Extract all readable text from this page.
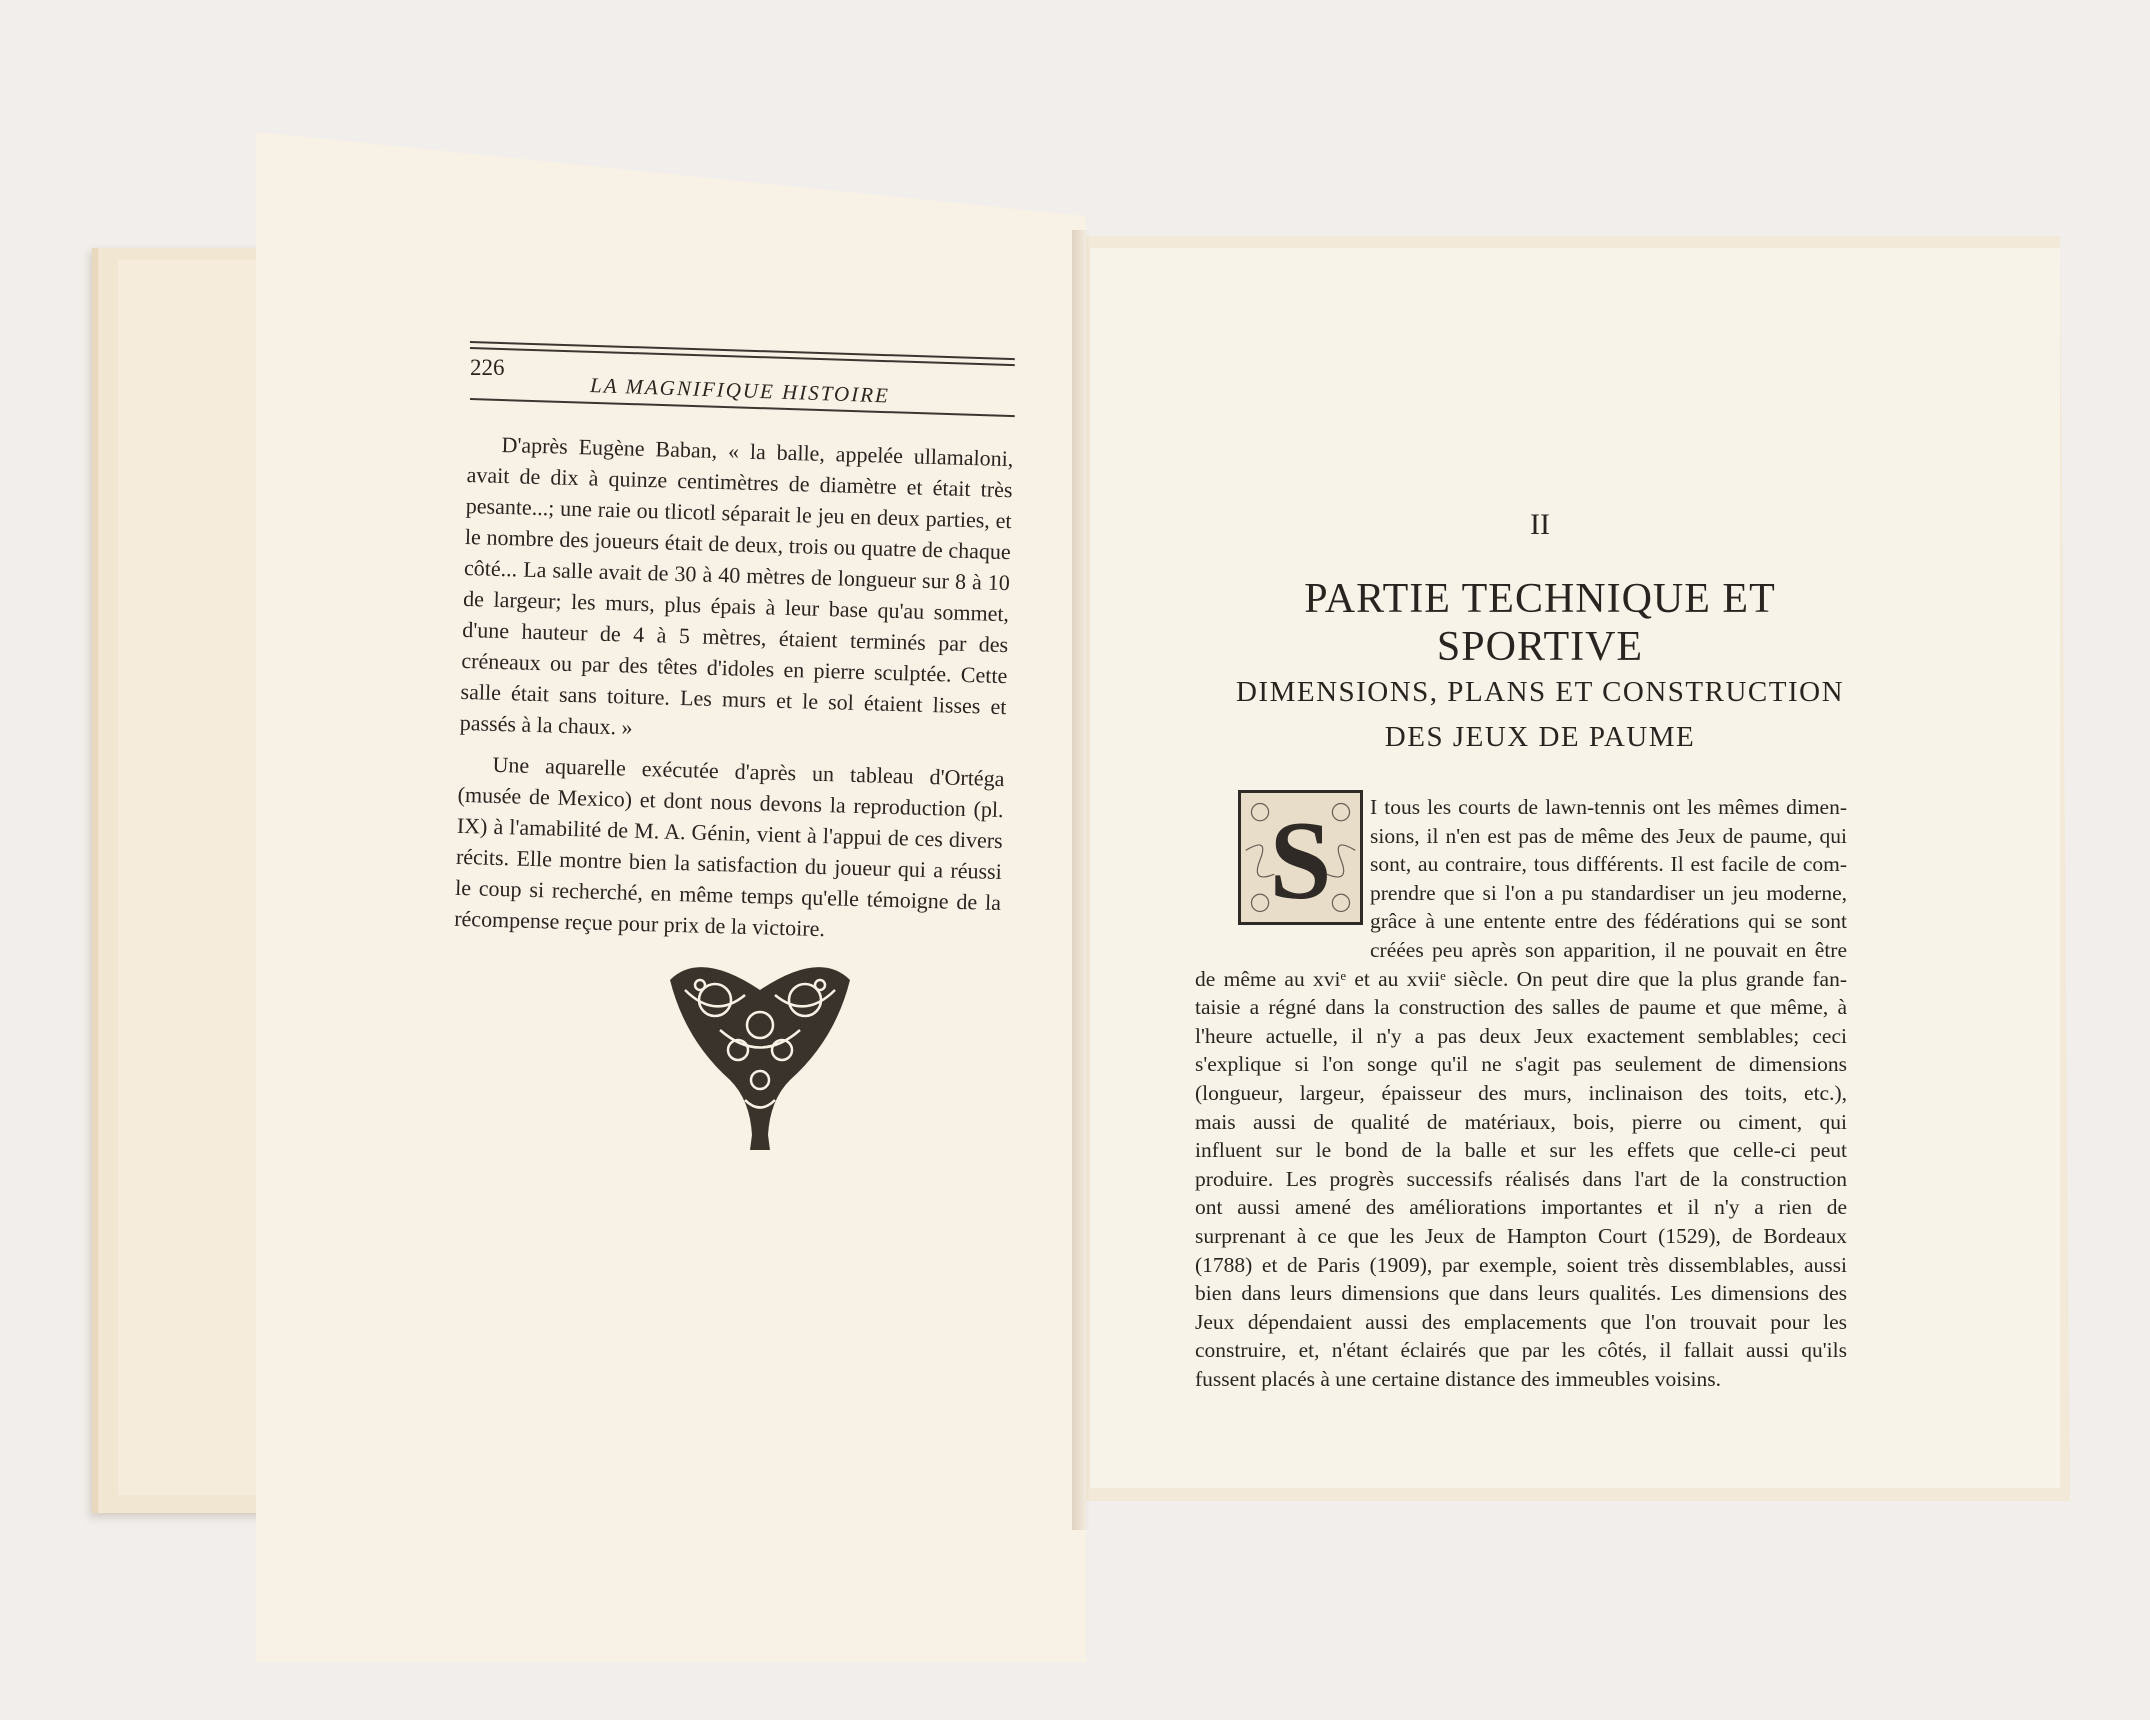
226
LA MAGNIFIQUE HISTOIRE

D'après Eugène Baban, « la balle, appelée ullamaloni, avait de dix à quinze centimètres de diamètre et était très pesante...; une raie ou tlicotl séparait le jeu en deux parties, et le nombre des joueurs était de deux, trois ou quatre de chaque côté... La salle avait de 30 à 40 mètres de longueur sur 8 à 10 de largeur; les murs, plus épais à leur base qu'au sommet, d'une hauteur de 4 à 5 mètres, étaient terminés par des créneaux ou par des têtes d'idoles en pierre sculptée. Cette salle était sans toiture. Les murs et le sol étaient lisses et passés à la chaux. »

Une aquarelle exécutée d'après un tableau d'Ortéga (musée de Mexico) et dont nous devons la reproduction (pl. IX) à l'amabilité de M. A. Génin, vient à l'appui de ces divers récits. Elle montre bien la satisfaction du joueur qui a réussi le coup si recherché, en même temps qu'elle témoigne de la récompense reçue pour prix de la victoire.

II
PARTIE TECHNIQUE ET SPORTIVE
DIMENSIONS, PLANS ET CONSTRUCTION
DES JEUX DE PAUME
S	I tous les courts de lawn-tennis ont les mêmes dimen-
sions, il n'en est pas de même des Jeux de paume, qui
sont, au contraire, tous différents. Il est facile de com-
prendre que si l'on a pu standardiser un jeu moderne,
grâce à une entente entre des fédérations qui se sont
créées peu après son apparition, il ne pouvait en être
de même au xviᵉ et au xviiᵉ siècle. On peut dire que la plus grande fan-
taisie a régné dans la construction des salles de paume et que même, à
l'heure actuelle, il n'y a pas deux Jeux exactement semblables; ceci
s'explique si l'on songe qu'il ne s'agit pas seulement de dimensions
(longueur, largeur, épaisseur des murs, inclinaison des toits, etc.),
mais aussi de qualité de matériaux, bois, pierre ou ciment, qui
influent sur le bond de la balle et sur les effets que celle-ci peut
produire. Les progrès successifs réalisés dans l'art de la construction
ont aussi amené des améliorations importantes et il n'y a rien de
surprenant à ce que les Jeux de Hampton Court (1529), de Bordeaux
(1788) et de Paris (1909), par exemple, soient très dissemblables, aussi
bien dans leurs dimensions que dans leurs qualités. Les dimensions des
Jeux dépendaient aussi des emplacements que l'on trouvait pour les
construire, et, n'étant éclairés que par les côtés, il fallait aussi qu'ils
fussent placés à une certaine distance des immeubles voisins.
